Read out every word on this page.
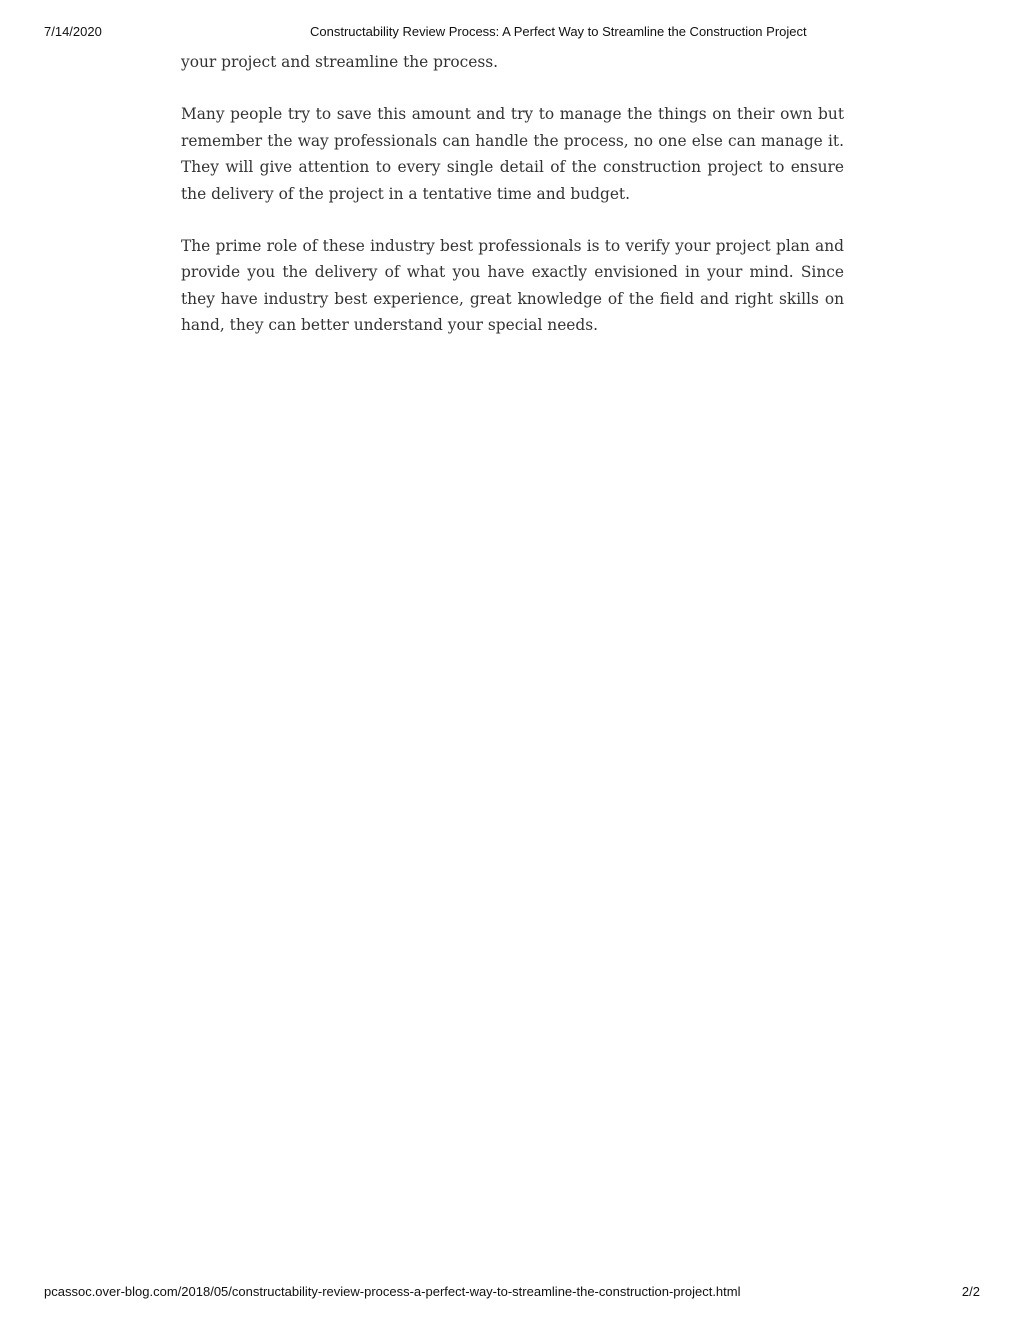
7/14/2020	Constructability Review Process: A Perfect Way to Streamline the Construction Project

your project and streamline the process.

Many people try to save this amount and try to manage the things on their own but remember the way professionals can handle the process, no one else can manage it. They will give attention to every single detail of the construction project to ensure the delivery of the project in a tentative time and budget.

The prime role of these industry best professionals is to verify your project plan and provide you the delivery of what you have exactly envisioned in your mind. Since they have industry best experience, great knowledge of the field and right skills on hand, they can better understand your special needs.

pcassoc.over-blog.com/2018/05/constructability-review-process-a-perfect-way-to-streamline-the-construction-project.html	2/2
